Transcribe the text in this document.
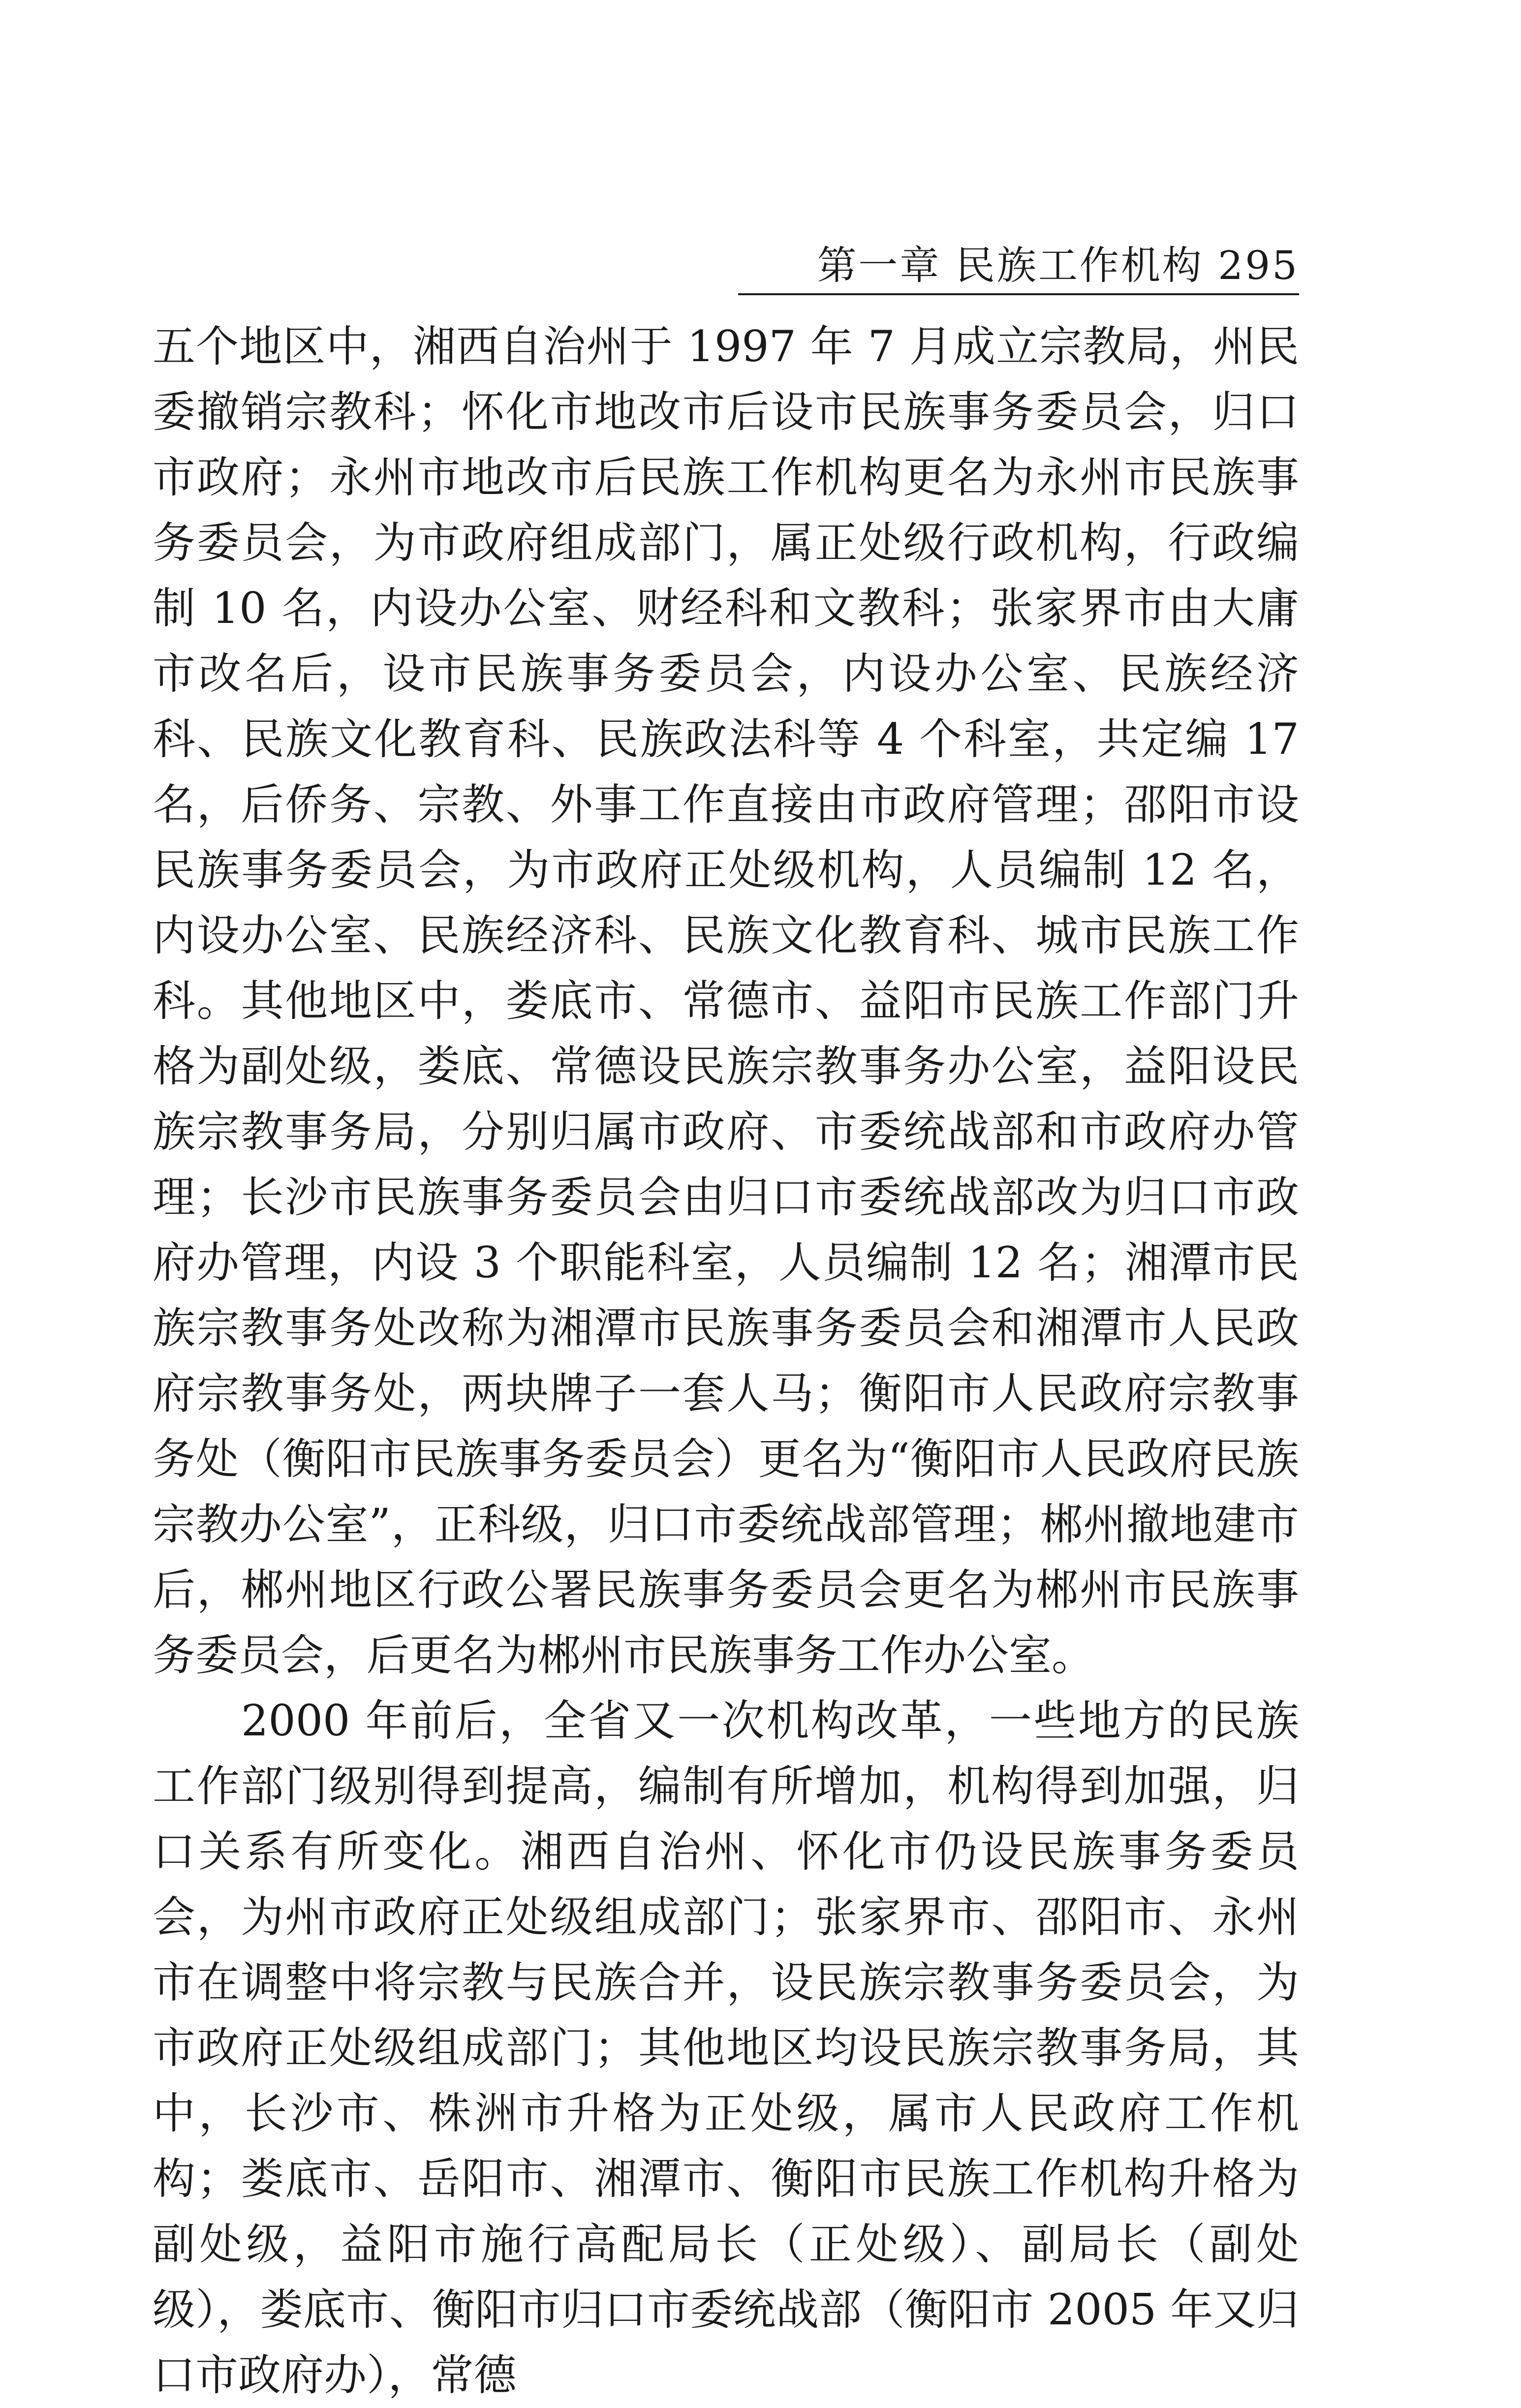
第一章 民族工作机构 295

五个地区中，湘西自治州于 1997 年 7 月成立宗教局，州民委撤销宗教科；怀化市地改市后设市民族事务委员会，归口市政府；永州市地改市后民族工作机构更名为永州市民族事务委员会，为市政府组成部门，属正处级行政机构，行政编制 10 名，内设办公室、财经科和文教科；张家界市由大庸市改名后，设市民族事务委员会，内设办公室、民族经济科、民族文化教育科、民族政法科等 4 个科室，共定编 17 名，后侨务、宗教、外事工作直接由市政府管理；邵阳市设民族事务委员会，为市政府正处级机构，人员编制 12 名，内设办公室、民族经济科、民族文化教育科、城市民族工作科。其他地区中，娄底市、常德市、益阳市民族工作部门升格为副处级，娄底、常德设民族宗教事务办公室，益阳设民族宗教事务局，分别归属市政府、市委统战部和市政府办管理；长沙市民族事务委员会由归口市委统战部改为归口市政府办管理，内设 3 个职能科室，人员编制 12 名；湘潭市民族宗教事务处改称为湘潭市民族事务委员会和湘潭市人民政府宗教事务处，两块牌子一套人马；衡阳市人民政府宗教事务处（衡阳市民族事务委员会）更名为“衡阳市人民政府民族宗教办公室”，正科级，归口市委统战部管理；郴州撤地建市后，郴州地区行政公署民族事务委员会更名为郴州市民族事务委员会，后更名为郴州市民族事务工作办公室。

2000 年前后，全省又一次机构改革，一些地方的民族工作部门级别得到提高，编制有所增加，机构得到加强，归口关系有所变化。湘西自治州、怀化市仍设民族事务委员会，为州市政府正处级组成部门；张家界市、邵阳市、永州市在调整中将宗教与民族合并，设民族宗教事务委员会，为市政府正处级组成部门；其他地区均设民族宗教事务局，其中，长沙市、株洲市升格为正处级，属市人民政府工作机构；娄底市、岳阳市、湘潭市、衡阳市民族工作机构升格为副处级，益阳市施行高配局长（正处级）、副局长（副处级），娄底市、衡阳市归口市委统战部（衡阳市 2005 年又归口市政府办），常德
